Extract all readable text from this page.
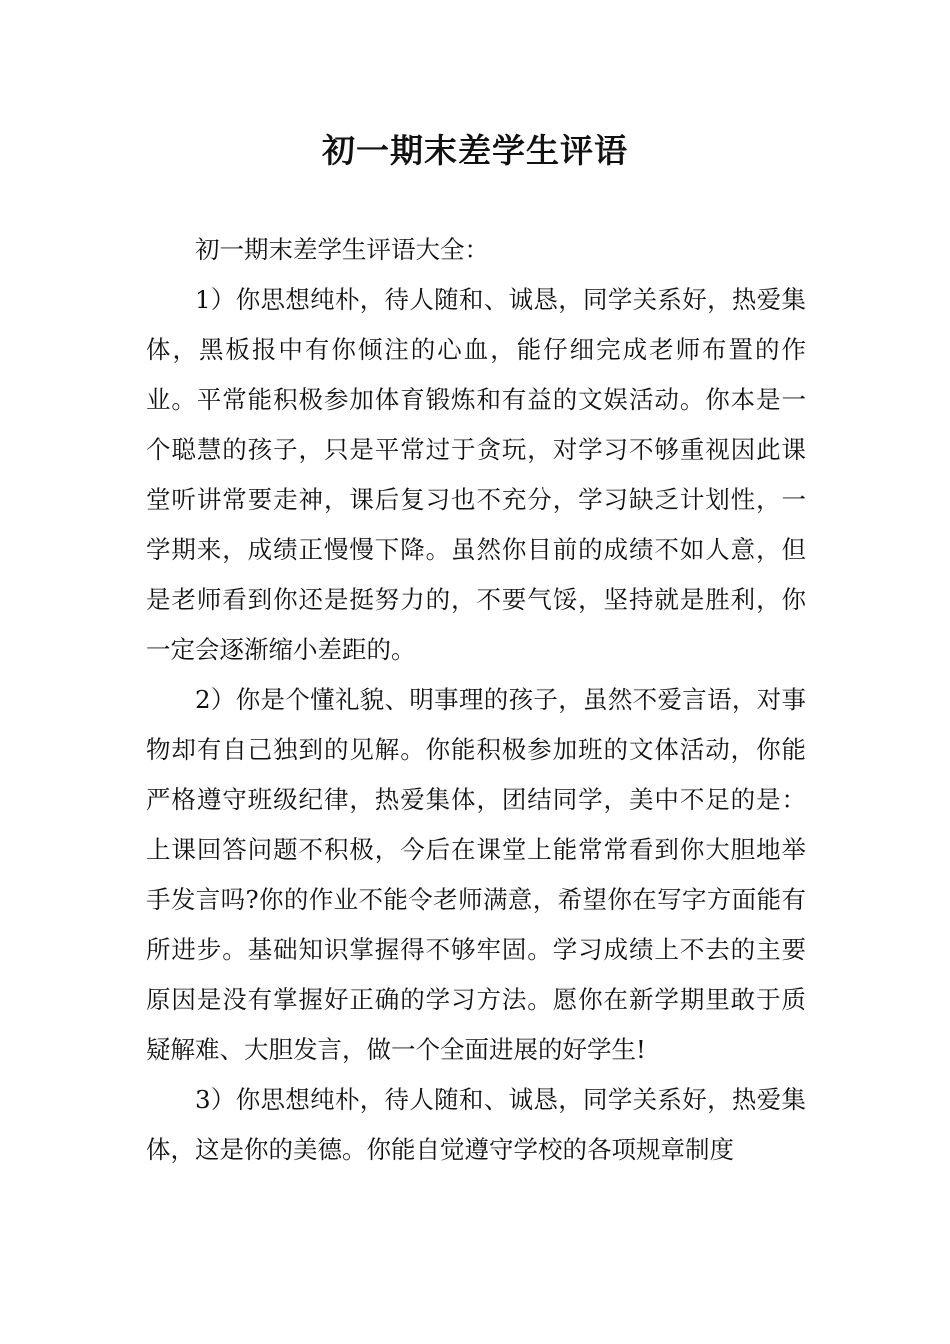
初一期末差学生评语

初一期末差学生评语大全：

1）你思想纯朴，待人随和、诚恳，同学关系好，热爱集体，黑板报中有你倾注的心血，能仔细完成老师布置的作业。平常能积极参加体育锻炼和有益的文娱活动。你本是一个聪慧的孩子，只是平常过于贪玩，对学习不够重视因此课堂听讲常要走神，课后复习也不充分，学习缺乏计划性，一学期来，成绩正慢慢下降。虽然你目前的成绩不如人意，但是老师看到你还是挺努力的，不要气馁，坚持就是胜利，你一定会逐渐缩小差距的。

2）你是个懂礼貌、明事理的孩子，虽然不爱言语，对事物却有自己独到的见解。你能积极参加班的文体活动，你能严格遵守班级纪律，热爱集体，团结同学，美中不足的是：上课回答问题不积极，今后在课堂上能常常看到你大胆地举手发言吗?你的作业不能令老师满意，希望你在写字方面能有所进步。基础知识掌握得不够牢固。学习成绩上不去的主要原因是没有掌握好正确的学习方法。愿你在新学期里敢于质疑解难、大胆发言，做一个全面进展的好学生!

3）你思想纯朴，待人随和、诚恳，同学关系好，热爱集体，这是你的美德。你能自觉遵守学校的各项规章制度
